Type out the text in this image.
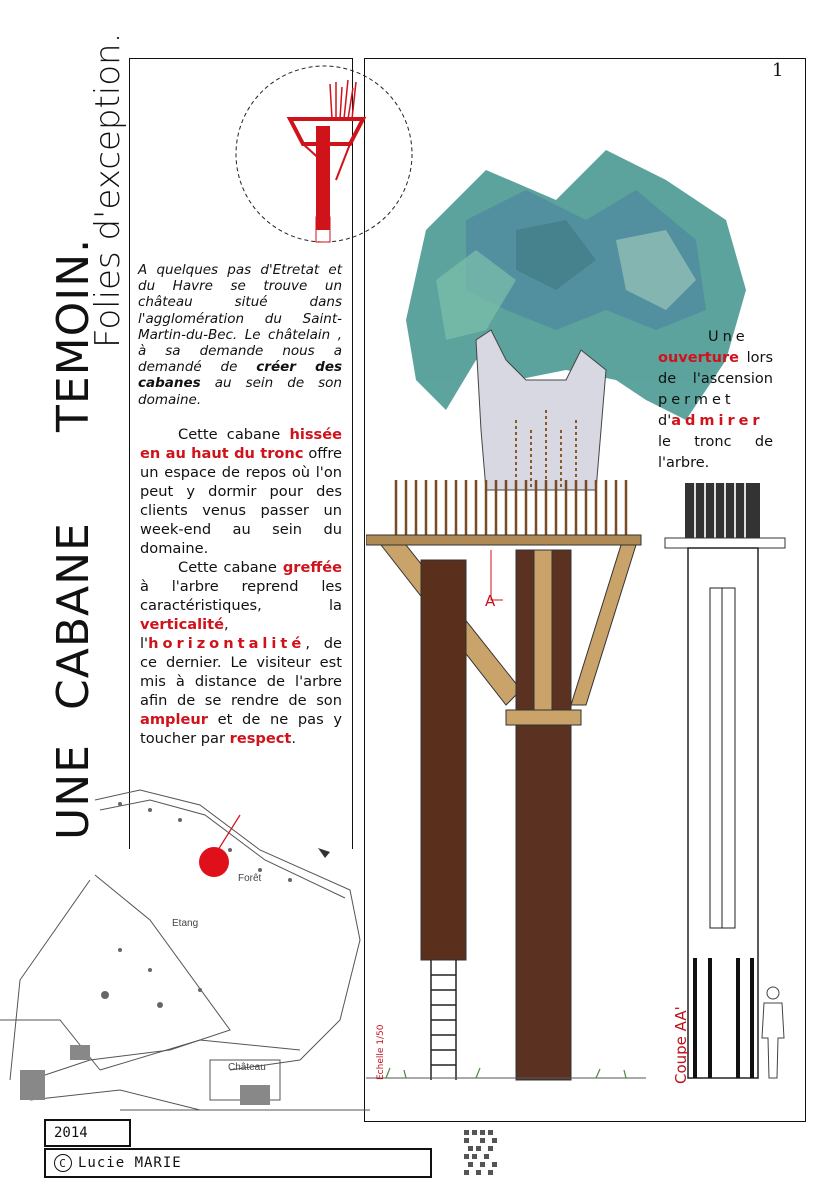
1
UNE
CABANE
TEMOIN.
Folies d'exception. A quelques pas d'Etretat et du Havre se trouve un château situé dans l'agglomération du Saint-Martin-du-Bec. Le châtelain , à sa demande nous a demandé de créer des cabanes au sein de son domaine.
Cette cabane hissée en au haut du tronc offre un espace de repos où l'on peut y dormir pour des clients venus passer un week-end au sein du domaine.
Cette cabane greffée à l'arbre reprend les caractéristiques, la verticalité, l'horizontalité, de ce dernier. Le visiteur est mis à distance de l'arbre afin de se rendre de son ampleur et de ne pas y toucher par respect.
A
Echelle 1/50
Une ouverture lors de l'ascension permet d'admirer le tronc de l'arbre.
Coupe AA'
Forêt
Etang
Château
2014
C Lucie MARIE
